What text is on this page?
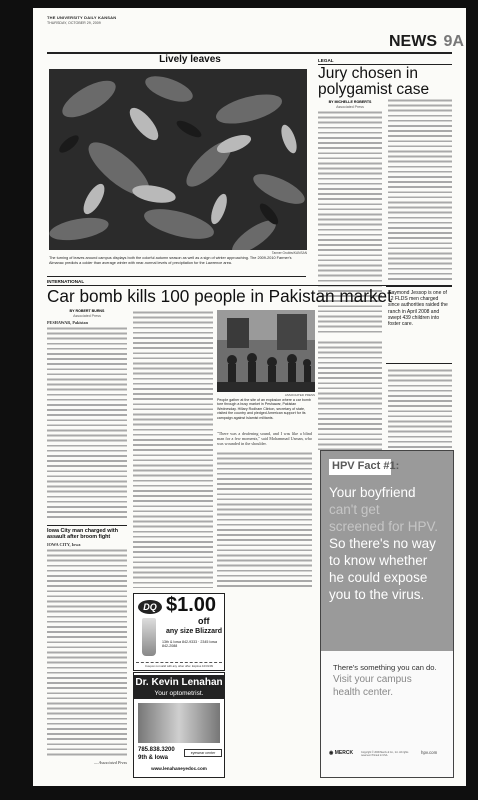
THE UNIVERSITY DAILY KANSAN
THURSDAY, OCTOBER 29, 2009
NEWS 9A
Lively leaves
Tanner Grubbs/KANSAN
The turning of leaves around campus displays both the colorful autumn season as well as a sign of winter approaching. The 2009-2010 Farmer's Almanac predicts a colder than average winter with near-normal levels of precipitation for the Lawrence area.
LEGAL
Jury chosen in polygamist case
BY MICHELLE ROBERTS
Associated Press
Raymond Jessop is one of 12 FLDS men charged since authorities raided the ranch in April 2008 and swept 439 children into foster care.
INTERNATIONAL
Car bomb kills 100 people in Pakistan market
BY ROBERT BURNS
Associated Press
PESHAWAR, Pakistan
ASSOCIATED PRESS
People gather at the site of an explosion where a car bomb tore through a busy market in Peshawar, Pakistan Wednesday. Hillary Rodham Clinton, secretary of state, visited the country and pledged American support for its campaign against Islamist militants.
"There was a deafening sound, and I was like a blind man for a few moments," said Mohammad Usman, who was wounded in the shoulder.
Iowa City man charged with assault after broom fight
IOWA CITY, Iowa
— Associated Press
DQ $1.00
off
any size Blizzard
13th & Iowa 842-9333 · 2345 Iowa 842-2088
Coupon not valid with any other offer. Expires 10/31/09
Dr. Kevin Lenahan
Your optometrist.
785.838.3200
9th & Iowa
eyewear center
www.lenahaneyedoc.com
HPV Fact #1:
Your boyfriend
can't get
screened for HPV.
So there's no way
to know whether
he could expose
you to the virus.
There's something you can do.
Visit your campus
health center.
◉ MERCK	hpv.com
Copyright © 2009 Merck & Co., Inc. All rights reserved. Printed in USA.
